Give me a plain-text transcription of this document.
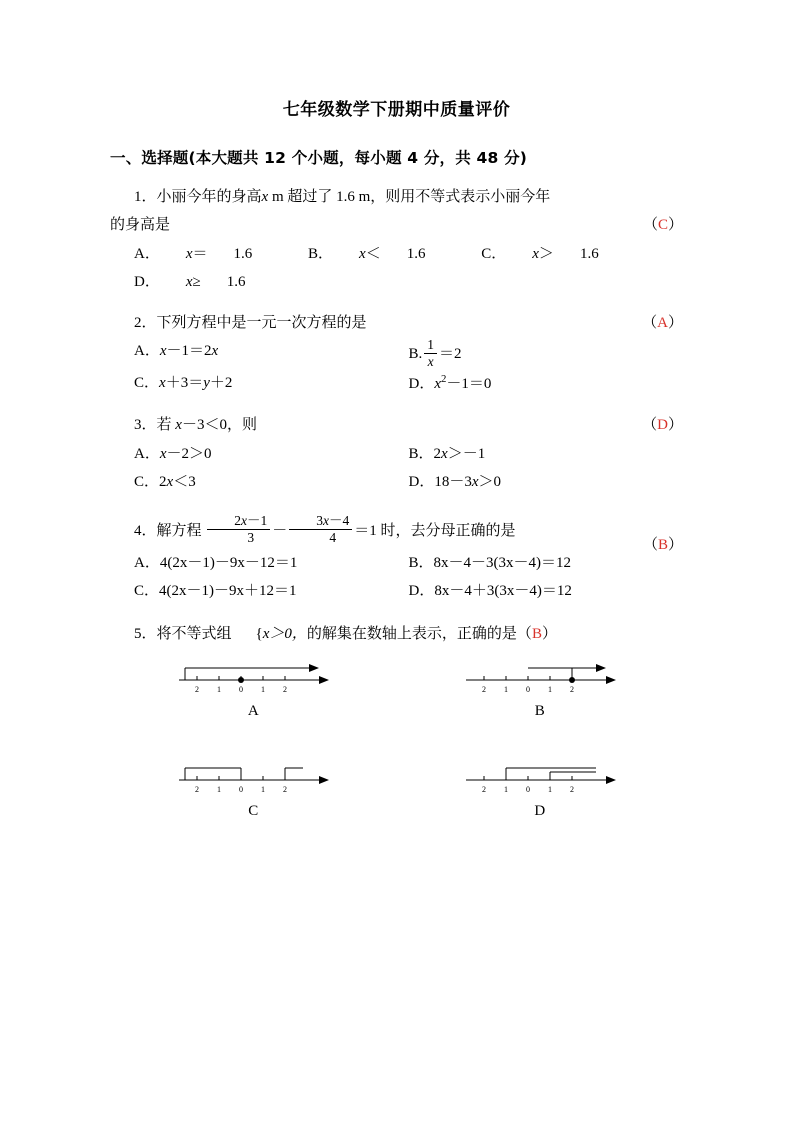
七年级数学下册期中质量评价
一、选择题(本大题共 12 个小题，每小题 4 分，共 48 分)
1．小丽今年的身高x m 超过了 1.6 m，则用不等式表示小丽今年
的身高是	（C）
A． x＝ 1.6	B． x＜ 1.6	C． x＞ 1.6 D． x≥ 1.6
2．下列方程中是一元一次方程的是	（A）
A．x－1＝2x	B. $\frac{1}{x} =2$
C．x＋3＝y＋2	D．$x^2-1=0$
3．若 x－3＜0，则	（D）
A．x－2＞0	B．2x＞－1
C．2x＜3	D．18－3x＞0
4．解方程 $\frac{2x-1}{3} - \frac{3x-4}{4} =1$ 时，去分母正确的是
（B）
A．4(2x－1)－9x－12＝1	B．8x－4－3(3x－4)＝12
C．4(2x－1)－9x＋12＝1	D．8x－4＋3(3x－4)＝12
5．将不等式组 {x＞0，的解集在数轴上表示，正确的是（B）
2 1 0 1 2
A
2 1 0 1 2
B
2 1 0 1 2
C
2 1 0 1 2
D
